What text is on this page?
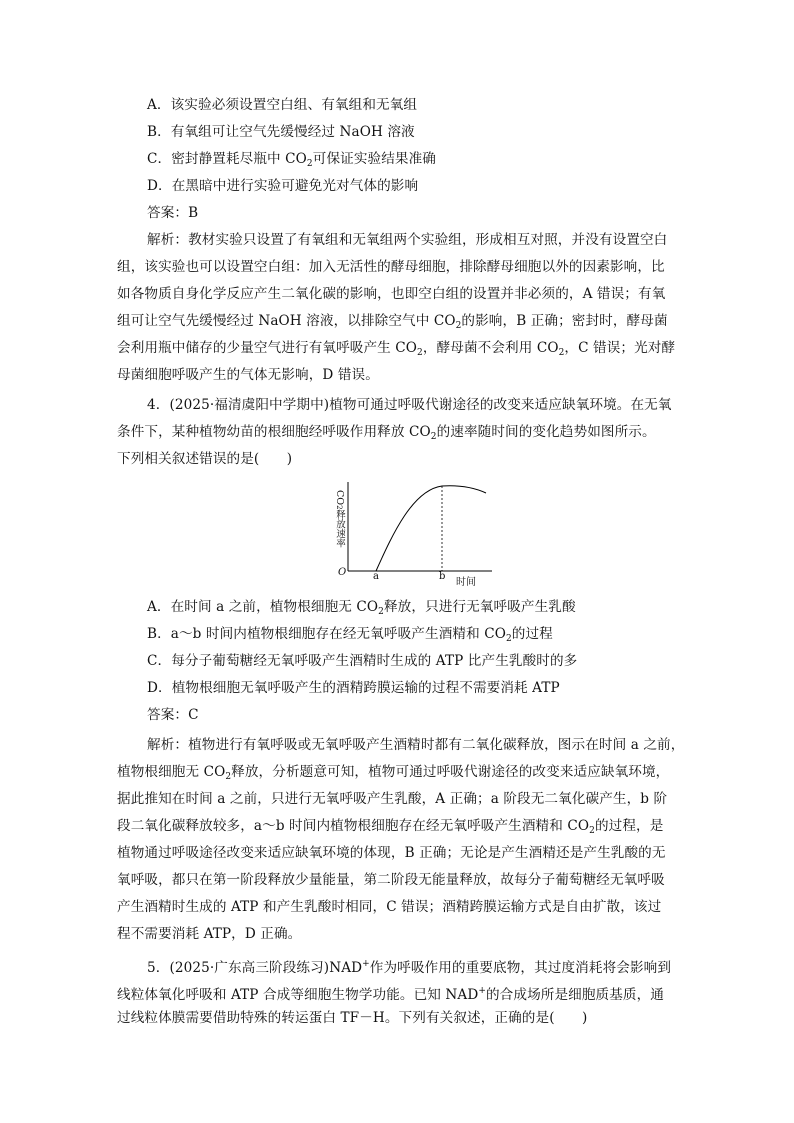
A．该实验必须设置空白组、有氧组和无氧组
B．有氧组可让空气先缓慢经过 NaOH 溶液
C．密封静置耗尽瓶中 $CO_2$可保证实验结果准确
D．在黑暗中进行实验可避免光对气体的影响
答案：B
解析：教材实验只设置了有氧组和无氧组两个实验组，形成相互对照，并没有设置空白
组，该实验也可以设置空白组：加入无活性的酵母细胞，排除酵母细胞以外的因素影响，比
如各物质自身化学反应产生二氧化碳的影响，也即空白组的设置并非必须的，A 错误；有氧
组可让空气先缓慢经过 NaOH 溶液，以排除空气中 $CO_2$的影响，B 正确；密封时，酵母菌
会利用瓶中储存的少量空气进行有氧呼吸产生 $CO_2$，酵母菌不会利用 $CO_2$，C 错误；光对酵
母菌细胞呼吸产生的气体无影响，D 错误。
4．(2025·福清虞阳中学期中)植物可通过呼吸代谢途径的改变来适应缺氧环境。在无氧
条件下，某种植物幼苗的根细胞经呼吸作用释放 $CO_2$的速率随时间的变化趋势如图所示。
下列相关叙述错误的是(　　)
CO2释放速率
O	a	b
时间
A．在时间 a 之前，植物根细胞无 $CO_2$释放，只进行无氧呼吸产生乳酸
B．a～b 时间内植物根细胞存在经无氧呼吸产生酒精和 $CO_2$的过程
C．每分子葡萄糖经无氧呼吸产生酒精时生成的 ATP 比产生乳酸时的多
D．植物根细胞无氧呼吸产生的酒精跨膜运输的过程不需要消耗 ATP
答案：C
解析：植物进行有氧呼吸或无氧呼吸产生酒精时都有二氧化碳释放，图示在时间 a 之前，
植物根细胞无 $CO_2$释放，分析题意可知，植物可通过呼吸代谢途径的改变来适应缺氧环境，
据此推知在时间 a 之前，只进行无氧呼吸产生乳酸，A 正确；a 阶段无二氧化碳产生，b 阶
段二氧化碳释放较多，a～b 时间内植物根细胞存在经无氧呼吸产生酒精和 $CO_2$的过程，是
植物通过呼吸途径改变来适应缺氧环境的体现，B 正确；无论是产生酒精还是产生乳酸的无
氧呼吸，都只在第一阶段释放少量能量，第二阶段无能量释放，故每分子葡萄糖经无氧呼吸
产生酒精时生成的 ATP 和产生乳酸时相同，C 错误；酒精跨膜运输方式是自由扩散，该过
程不需要消耗 ATP，D 正确。
5．(2025·广东高三阶段练习)NAD+作为呼吸作用的重要底物，其过度消耗将会影响到
线粒体氧化呼吸和 ATP 合成等细胞生物学功能。已知 NAD+的合成场所是细胞质基质，通
过线粒体膜需要借助特殊的转运蛋白 TF－H。下列有关叙述，正确的是(　　)
